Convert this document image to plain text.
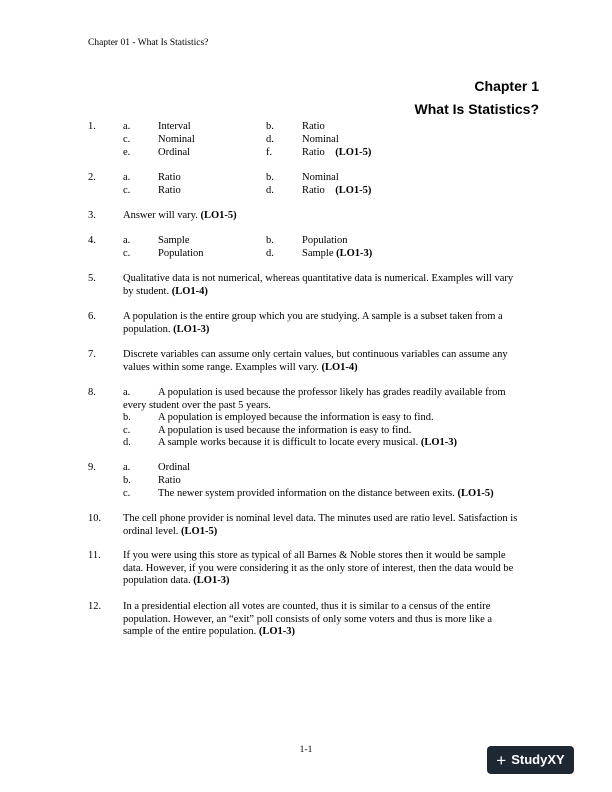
Chapter 01 - What Is Statistics?
Chapter 1
What Is Statistics?
1.	a.	Interval	b.	Ratio
c.	Nominal	d.	Nominal
e.	Ordinal	f.	Ratio (LO1-5)
2.	a.	Ratio	b.	Nominal
c.	Ratio	d.	Ratio (LO1-5)
3.	Answer will vary. (LO1-5)
4.	a.	Sample	b.	Population
c.	Population	d.	Sample (LO1-3)
5.	Qualitative data is not numerical, whereas quantitative data is numerical. Examples will vary
by student. (LO1-4)
6.	A population is the entire group which you are studying. A sample is a subset taken from a
population. (LO1-3)
7.	Discrete variables can assume only certain values, but continuous variables can assume any
values within some range. Examples will vary. (LO1-4)
8.	a.	A population is used because the professor likely has grades readily available from
every student over the past 5 years.
b.	A population is employed because the information is easy to find.
c.	A population is used because the information is easy to find.
d.	A sample works because it is difficult to locate every musical. (LO1-3)
9.	a.	Ordinal
b.	Ratio
c.	The newer system provided information on the distance between exits. (LO1-5)
10. The cell phone provider is nominal level data. The minutes used are ratio level. Satisfaction is
ordinal level. (LO1-5)
11. If you were using this store as typical of all Barnes & Noble stores then it would be sample
data. However, if you were considering it as the only store of interest, then the data would be
population data. (LO1-3)
12. In a presidential election all votes are counted, thus it is similar to a census of the entire
population. However, an “exit” poll consists of only some voters and thus is more like a
sample of the entire population. (LO1-3)
1-1
+ StudyXY
